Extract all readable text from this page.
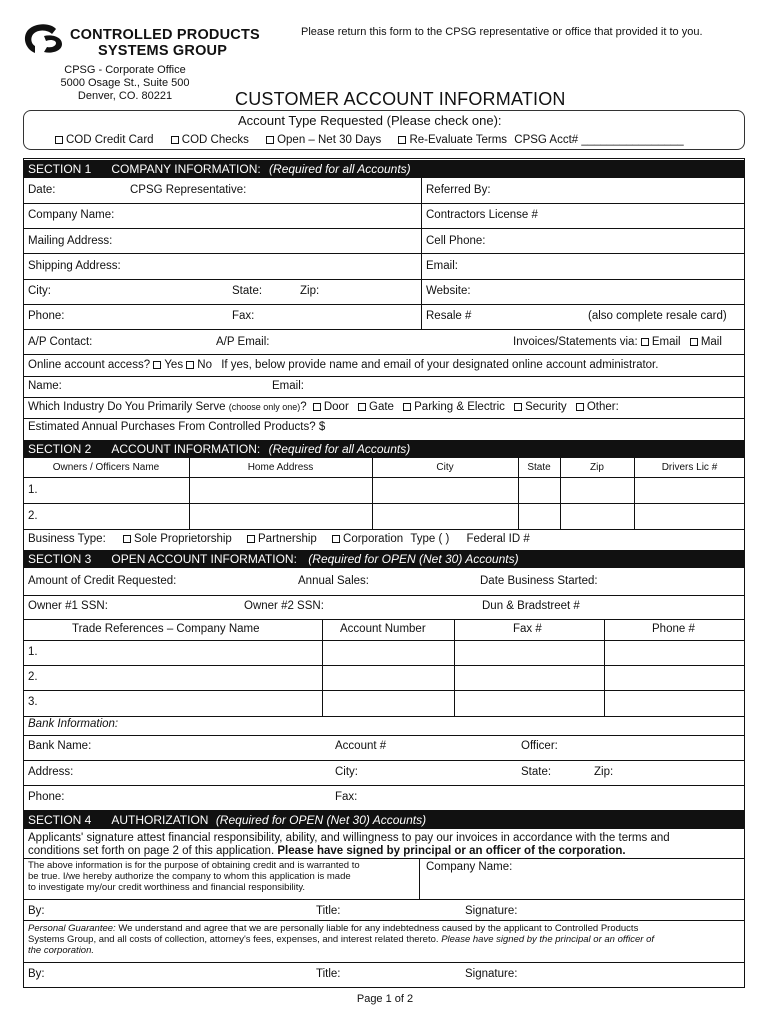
CONTROLLED PRODUCTS
SYSTEMS GROUP
CPSG - Corporate Office
5000 Osage St., Suite 500
Denver, CO. 80221
Please return this form to the CPSG representative or office that provided it to you.
CUSTOMER ACCOUNT INFORMATION
Account Type Requested (Please check one):
COD Credit Card COD Checks Open – Net 30 Days Re-Evaluate Terms CPSG Acct# ________________
SECTION 1 COMPANY INFORMATION: (Required for all Accounts)
Date:	CPSG Representative:	Referred By:
Company Name:	Contractors License #
Mailing Address:	Cell Phone:
Shipping Address:	Email:
City:	State:	Zip:	Website:
Phone:	Fax:	Resale #	(also complete resale card)
A/P Contact:	A/P Email:	Invoices/Statements via: Email Mail
Online account access? Yes No If yes, below provide name and email of your designated online account administrator.
Name:	Email:
Which Industry Do You Primarily Serve (choose only one)? Door Gate Parking & Electric Security Other:
Estimated Annual Purchases From Controlled Products? $
SECTION 2 ACCOUNT INFORMATION: (Required for all Accounts)
Owners / Officers Name	Home Address	City	State	Zip	Drivers Lic #
1.
2.
Business Type: Sole Proprietorship Partnership Corporation Type ( ) Federal ID #
SECTION 3 OPEN ACCOUNT INFORMATION: (Required for OPEN (Net 30) Accounts)
Amount of Credit Requested:	Annual Sales:	Date Business Started:
Owner #1 SSN:	Owner #2 SSN:	Dun & Bradstreet #
Trade References – Company Name	Account Number	Fax #	Phone #
1.
2.
3.
Bank Information:
Bank Name:	Account #	Officer:
Address:	City:	State:	Zip:
Phone:	Fax:
SECTION 4 AUTHORIZATION (Required for OPEN (Net 30) Accounts)
Applicants' signature attest financial responsibility, ability, and willingness to pay our invoices in accordance with the terms and
conditions set forth on page 2 of this application. Please have signed by principal or an officer of the corporation.
The above information is for the purpose of obtaining credit and is warranted to
be true. I/we hereby authorize the company to whom this application is made
to investigate my/our credit worthiness and financial responsibility.
Company Name:
By:	Title:	Signature:
Personal Guarantee: We understand and agree that we are personally liable for any indebtedness caused by the applicant to Controlled Products
Systems Group, and all costs of collection, attorney's fees, expenses, and interest related thereto. Please have signed by the principal or an officer of
the corporation.
By:	Title:	Signature:
Page 1 of 2
